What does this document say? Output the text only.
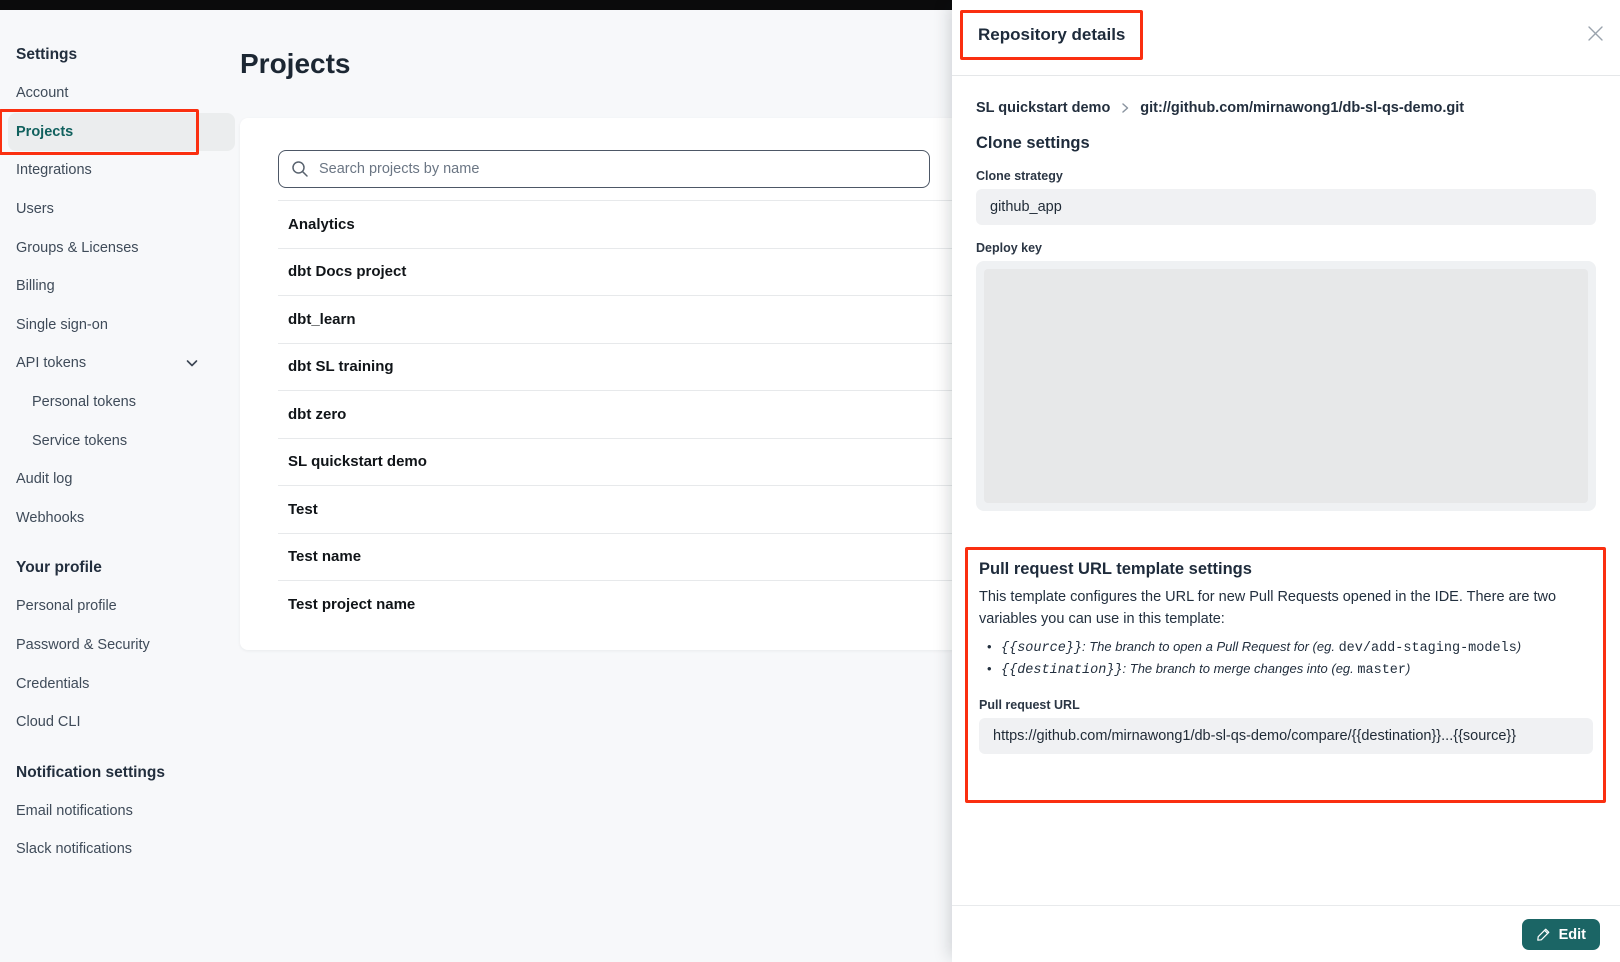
Settings
Account
Projects
Integrations
Users
Groups & Licenses
Billing
Single sign-on
API tokens
Personal tokens
Service tokens
Audit log
Webhooks
Your profile
Personal profile
Password & Security
Credentials
Cloud CLI
Notification settings
Email notifications
Slack notifications
Projects
Search projects by name
Analytics
dbt Docs project
dbt_learn
dbt SL training
dbt zero
SL quickstart demo
Test
Test name
Test project name
Repository details
SL quickstart demo git://github.com/mirnawong1/db-sl-qs-demo.git
Clone settings
Clone strategy
github_app
Deploy key
Pull request URL template settings

This template configures the URL for new Pull Requests opened in the IDE. There are two variables you can use in this template:

• {{source}}: The branch to open a Pull Request for (eg. dev/add-staging-models)
• {{destination}}: The branch to merge changes into (eg. master)
Pull request URL
https://github.com/mirnawong1/db-sl-qs-demo/compare/{{destination}}...{{source}}
Edit
